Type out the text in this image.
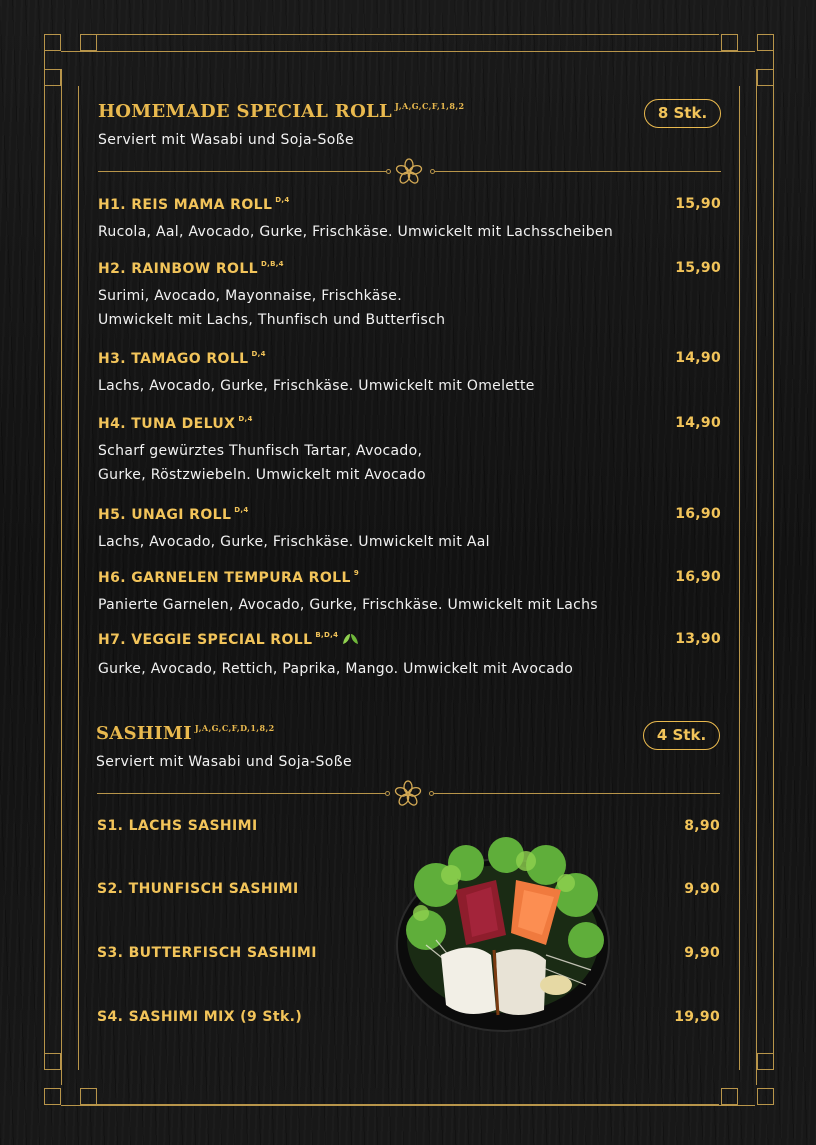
HOMEMADE SPECIAL ROLL $^{J,A,G,C,F,1,8,2}$	8 Stk.
Serviert mit Wasabi und Soja-Soße
H1. REIS MAMA ROLL $^{D,4}$	15,90
Rucola, Aal, Avocado, Gurke, Frischkäse. Umwickelt mit Lachsscheiben
H2. RAINBOW ROLL $^{D,B,4}$	15,90
Surimi, Avocado, Mayonnaise, Frischkäse.
Umwickelt mit Lachs, Thunfisch und Butterfisch
H3. TAMAGO ROLL $^{D,4}$	14,90
Lachs, Avocado, Gurke, Frischkäse. Umwickelt mit Omelette
H4. TUNA DELUX $^{D,4}$	14,90
Scharf gewürztes Thunfisch Tartar, Avocado,
Gurke, Röstzwiebeln. Umwickelt mit Avocado
H5. UNAGI ROLL $^{D,4}$	16,90
Lachs, Avocado, Gurke, Frischkäse. Umwickelt mit Aal
H6. GARNELEN TEMPURA ROLL $^9$	16,90
Panierte Garnelen, Avocado, Gurke, Frischkäse. Umwickelt mit Lachs
H7. VEGGIE SPECIAL ROLL $^{B,D,4}$	13,90
Gurke, Avocado, Rettich, Paprika, Mango. Umwickelt mit Avocado
SASHIMI $^{J,A,G,C,F,D,1,8,2}$	4 Stk.
Serviert mit Wasabi und Soja-Soße
S1. LACHS SASHIMI	8,90
S2. THUNFISCH SASHIMI	9,90
S3. BUTTERFISCH SASHIMI	9,90
S4. SASHIMI MIX (9 Stk.)	19,90
